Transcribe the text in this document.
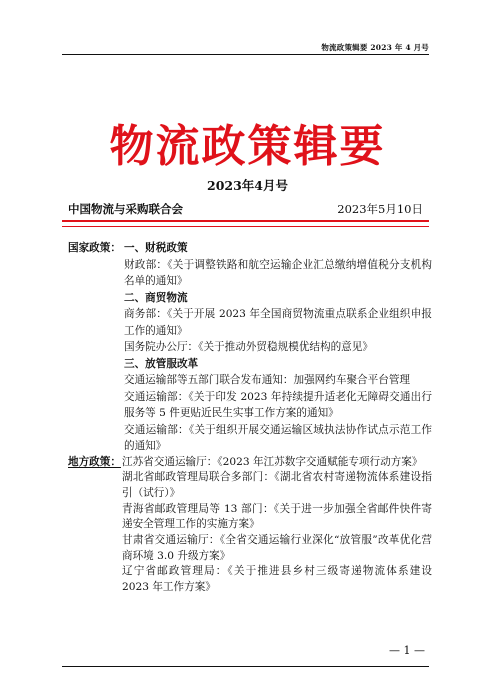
物流政策辑要 2023 年 4 月号
物流政策辑要
2023年4月号
中国物流与采购联合会	2023年5月10日
国家政策： 一、财税政策
财政部：《关于调整铁路和航空运输企业汇总缴纳增值税分支机构名单的通知》
二、商贸物流
商务部：《关于开展 2023 年全国商贸物流重点联系企业组织申报工作的通知》
国务院办公厅：《关于推动外贸稳规模优结构的意见》
三、放管服改革
交通运输部等五部门联合发布通知：加强网约车聚合平台管理
交通运输部：《关于印发 2023 年持续提升适老化无障碍交通出行服务等 5 件更贴近民生实事工作方案的通知》
交通运输部：《关于组织开展交通运输区域执法协作试点示范工作的通知》
地方政策： 江苏省交通运输厅：《2023 年江苏数字交通赋能专项行动方案》
湖北省邮政管理局联合多部门：《湖北省农村寄递物流体系建设指引（试行）》
青海省邮政管理局等 13 部门：《关于进一步加强全省邮件快件寄递安全管理工作的实施方案》
甘肃省交通运输厅：《全省交通运输行业深化“放管服”改革优化营商环境 3.0 升级方案》
辽宁省邮政管理局：《关于推进县乡村三级寄递物流体系建设 2023 年工作方案》
— 1 —
